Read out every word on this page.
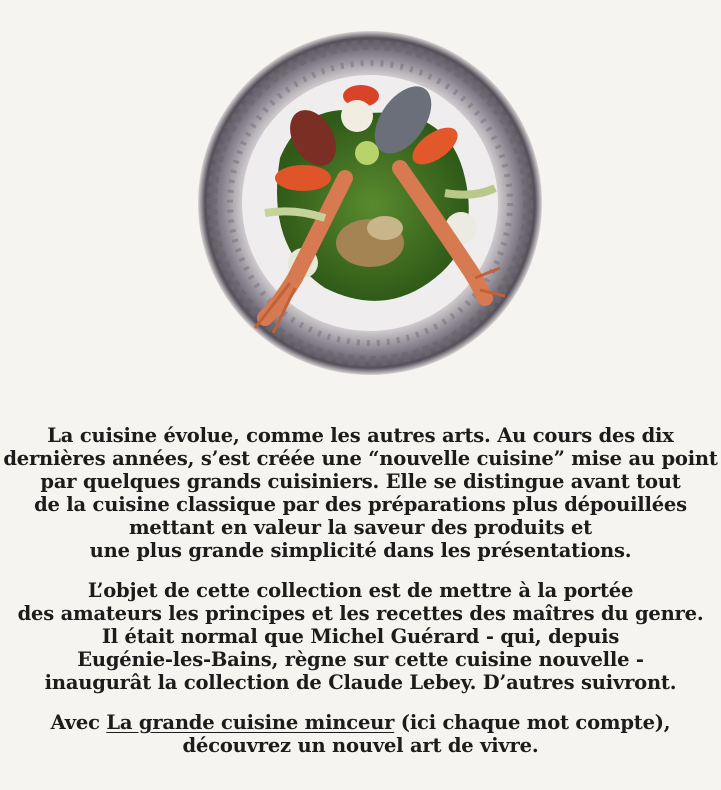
La cuisine évolue, comme les autres arts. Au cours des dix
dernières années, s’est créée une “nouvelle cuisine” mise au point
par quelques grands cuisiniers. Elle se distingue avant tout
de la cuisine classique par des préparations plus dépouillées
mettant en valeur la saveur des produits et
une plus grande simplicité dans les présentations.

L’objet de cette collection est de mettre à la portée
des amateurs les principes et les recettes des maîtres du genre.
Il était normal que Michel Guérard - qui, depuis
Eugénie-les-Bains, règne sur cette cuisine nouvelle -
inaugurât la collection de Claude Lebey. D’autres suivront.

Avec La grande cuisine minceur (ici chaque mot compte),
découvrez un nouvel art de vivre.
